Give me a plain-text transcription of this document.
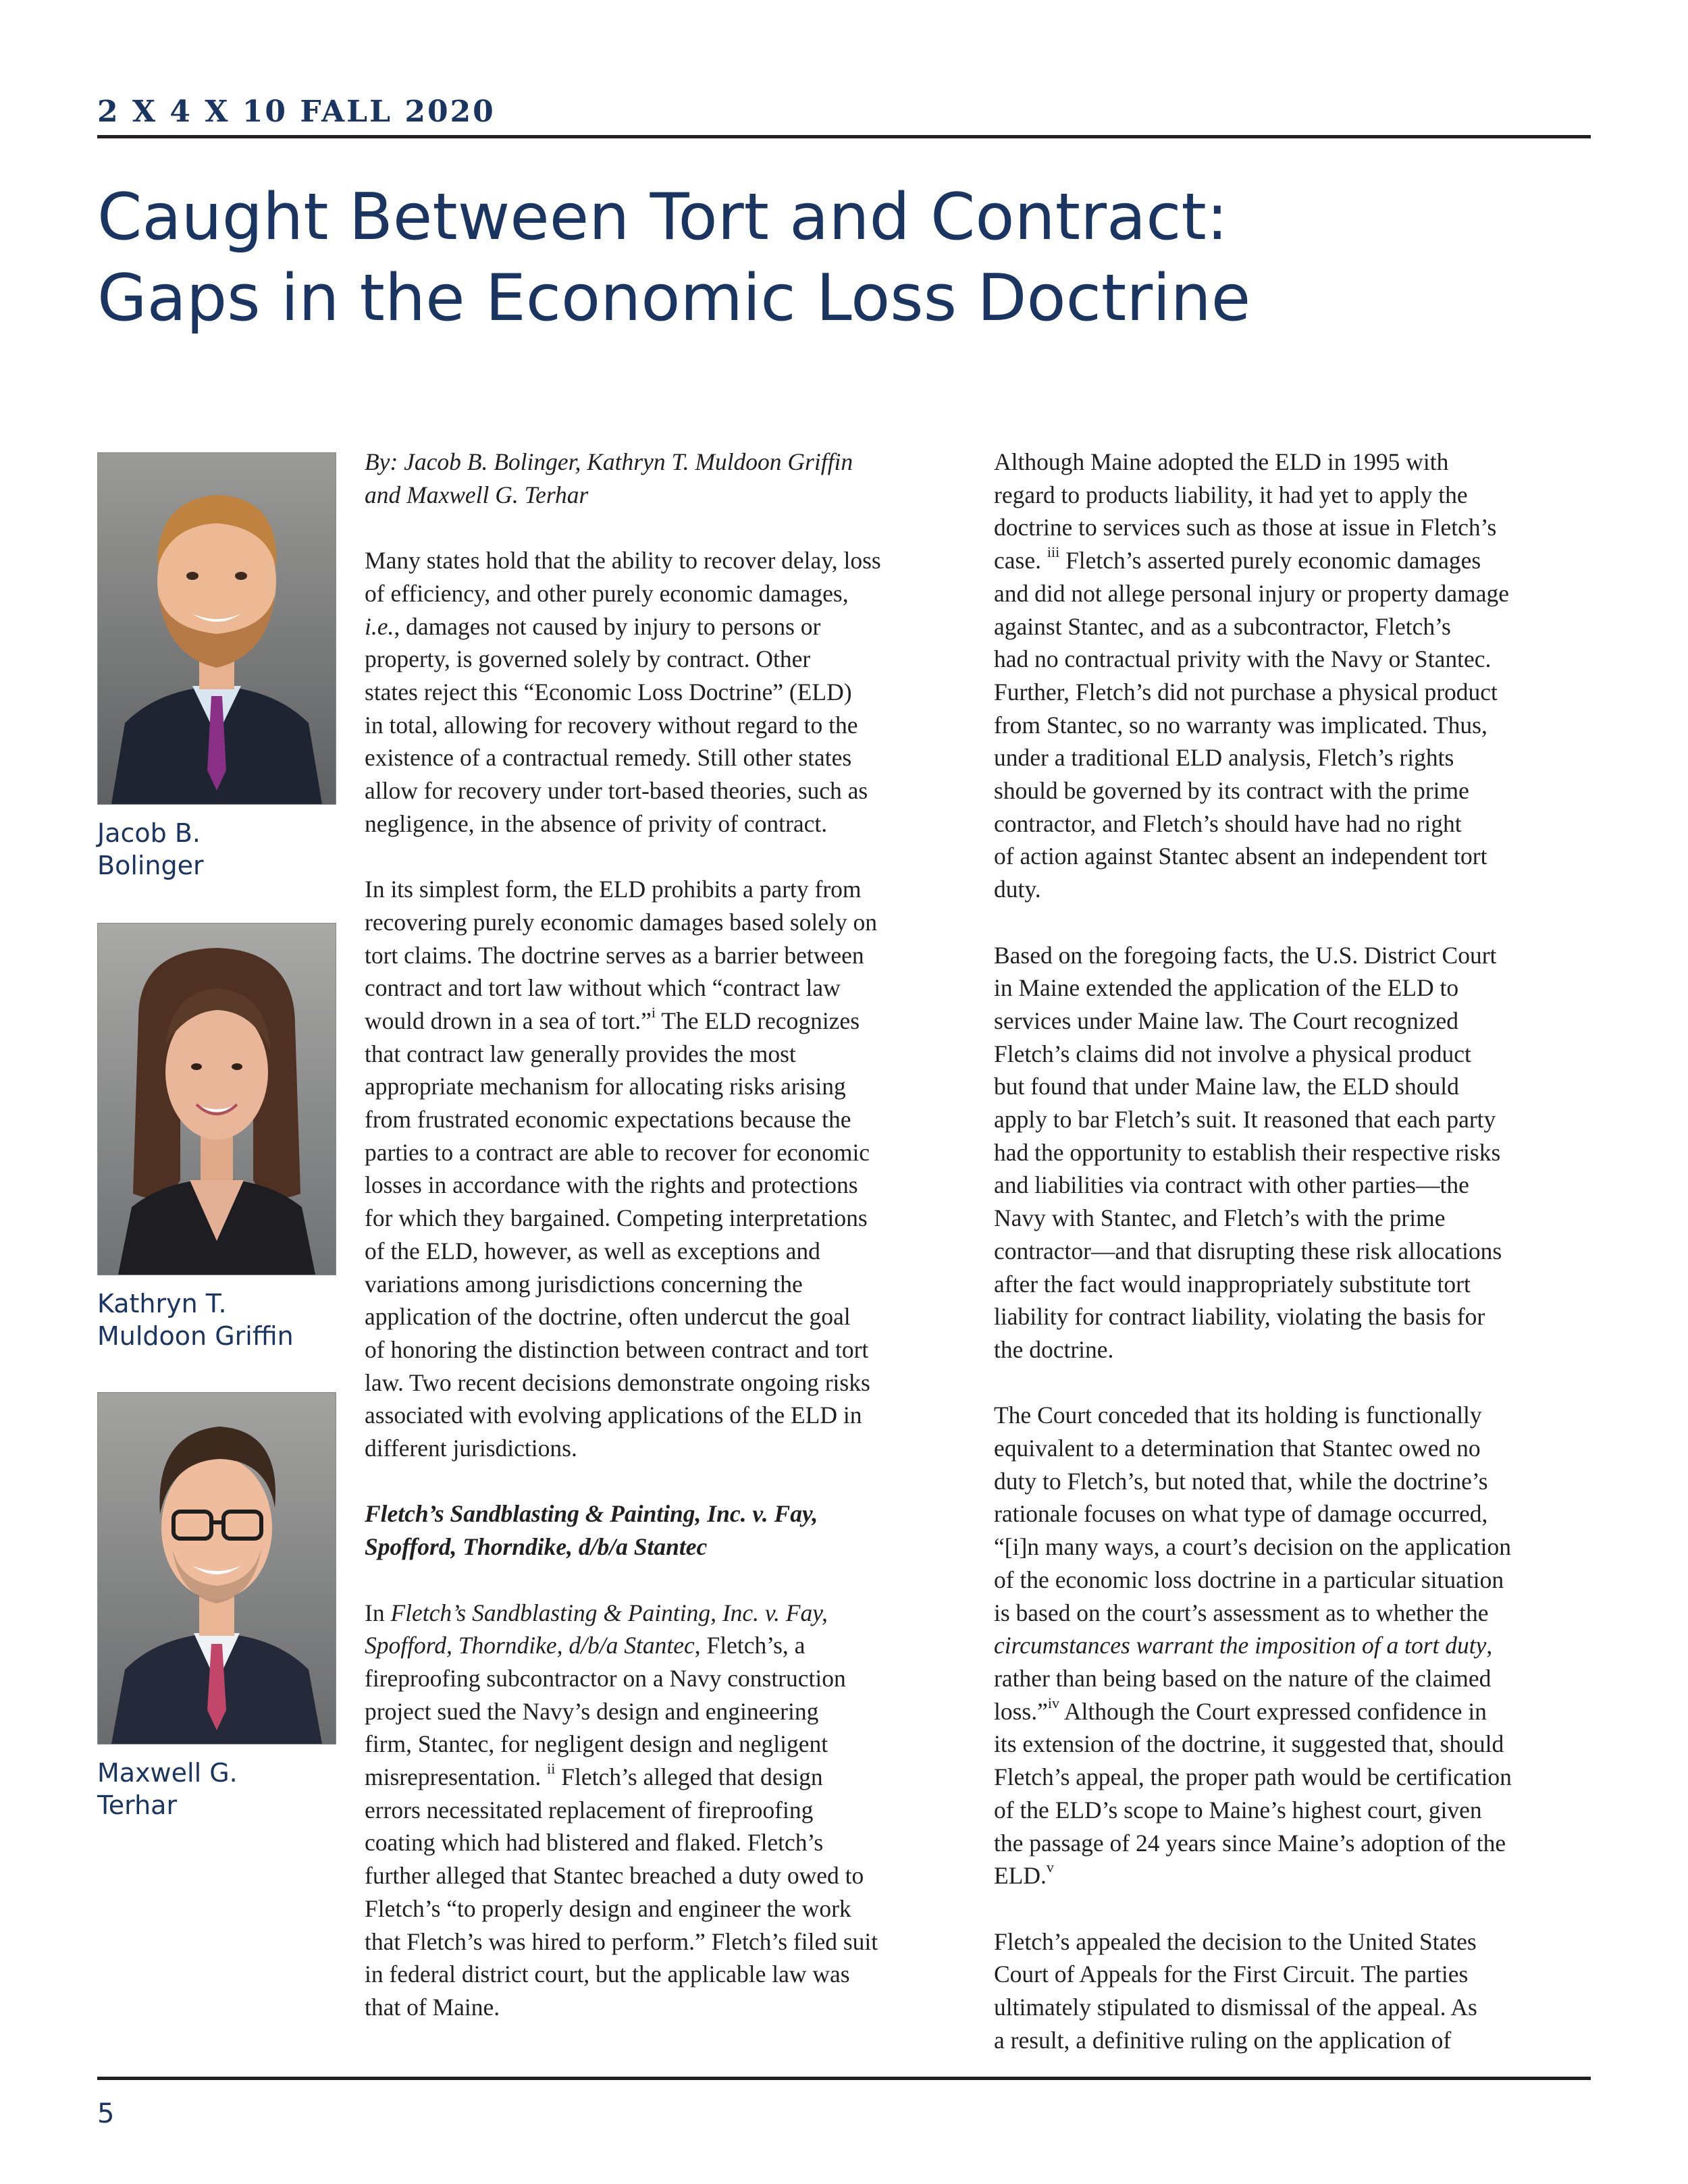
2 X 4 X 10 FALL 2020
Caught Between Tort and Contract:
Gaps in the Economic Loss Doctrine
Jacob B.
Bolinger
Kathryn T.
Muldoon Griffin
Maxwell G.
Terhar

By: Jacob B. Bolinger, Kathryn T. Muldoon Griffin
and Maxwell G. Terhar

Many states hold that the ability to recover delay, loss
of efficiency, and other purely economic damages,
i.e., damages not caused by injury to persons or
property, is governed solely by contract. Other
states reject this “Economic Loss Doctrine” (ELD)
in total, allowing for recovery without regard to the
existence of a contractual remedy. Still other states
allow for recovery under tort-based theories, such as
negligence, in the absence of privity of contract.

In its simplest form, the ELD prohibits a party from
recovering purely economic damages based solely on
tort claims. The doctrine serves as a barrier between
contract and tort law without which “contract law
would drown in a sea of tort.”$^i$ The ELD recognizes
that contract law generally provides the most
appropriate mechanism for allocating risks arising
from frustrated economic expectations because the
parties to a contract are able to recover for economic
losses in accordance with the rights and protections
for which they bargained. Competing interpretations
of the ELD, however, as well as exceptions and
variations among jurisdictions concerning the
application of the doctrine, often undercut the goal
of honoring the distinction between contract and tort
law. Two recent decisions demonstrate ongoing risks
associated with evolving applications of the ELD in
different jurisdictions.

Fletch’s Sandblasting & Painting, Inc. v. Fay,
Spofford, Thorndike, d/b/a Stantec

In Fletch’s Sandblasting & Painting, Inc. v. Fay,
Spofford, Thorndike, d/b/a Stantec, Fletch’s, a
fireproofing subcontractor on a Navy construction
project sued the Navy’s design and engineering
firm, Stantec, for negligent design and negligent
misrepresentation. $^{ii}$ Fletch’s alleged that design
errors necessitated replacement of fireproofing
coating which had blistered and flaked. Fletch’s
further alleged that Stantec breached a duty owed to
Fletch’s “to properly design and engineer the work
that Fletch’s was hired to perform.” Fletch’s filed suit
in federal district court, but the applicable law was
that of Maine.

Although Maine adopted the ELD in 1995 with
regard to products liability, it had yet to apply the
doctrine to services such as those at issue in Fletch’s
case. $^{iii}$ Fletch’s asserted purely economic damages
and did not allege personal injury or property damage
against Stantec, and as a subcontractor, Fletch’s
had no contractual privity with the Navy or Stantec.
Further, Fletch’s did not purchase a physical product
from Stantec, so no warranty was implicated. Thus,
under a traditional ELD analysis, Fletch’s rights
should be governed by its contract with the prime
contractor, and Fletch’s should have had no right
of action against Stantec absent an independent tort
duty.

Based on the foregoing facts, the U.S. District Court
in Maine extended the application of the ELD to
services under Maine law. The Court recognized
Fletch’s claims did not involve a physical product
but found that under Maine law, the ELD should
apply to bar Fletch’s suit. It reasoned that each party
had the opportunity to establish their respective risks
and liabilities via contract with other parties—the
Navy with Stantec, and Fletch’s with the prime
contractor—and that disrupting these risk allocations
after the fact would inappropriately substitute tort
liability for contract liability, violating the basis for
the doctrine.

The Court conceded that its holding is functionally
equivalent to a determination that Stantec owed no
duty to Fletch’s, but noted that, while the doctrine’s
rationale focuses on what type of damage occurred,
“[i]n many ways, a court’s decision on the application
of the economic loss doctrine in a particular situation
is based on the court’s assessment as to whether the
circumstances warrant the imposition of a tort duty,
rather than being based on the nature of the claimed
loss.”$^{iv}$ Although the Court expressed confidence in
its extension of the doctrine, it suggested that, should
Fletch’s appeal, the proper path would be certification
of the ELD’s scope to Maine’s highest court, given
the passage of 24 years since Maine’s adoption of the
ELD.$^v$

Fletch’s appealed the decision to the United States
Court of Appeals for the First Circuit. The parties
ultimately stipulated to dismissal of the appeal. As
a result, a definitive ruling on the application of

5
